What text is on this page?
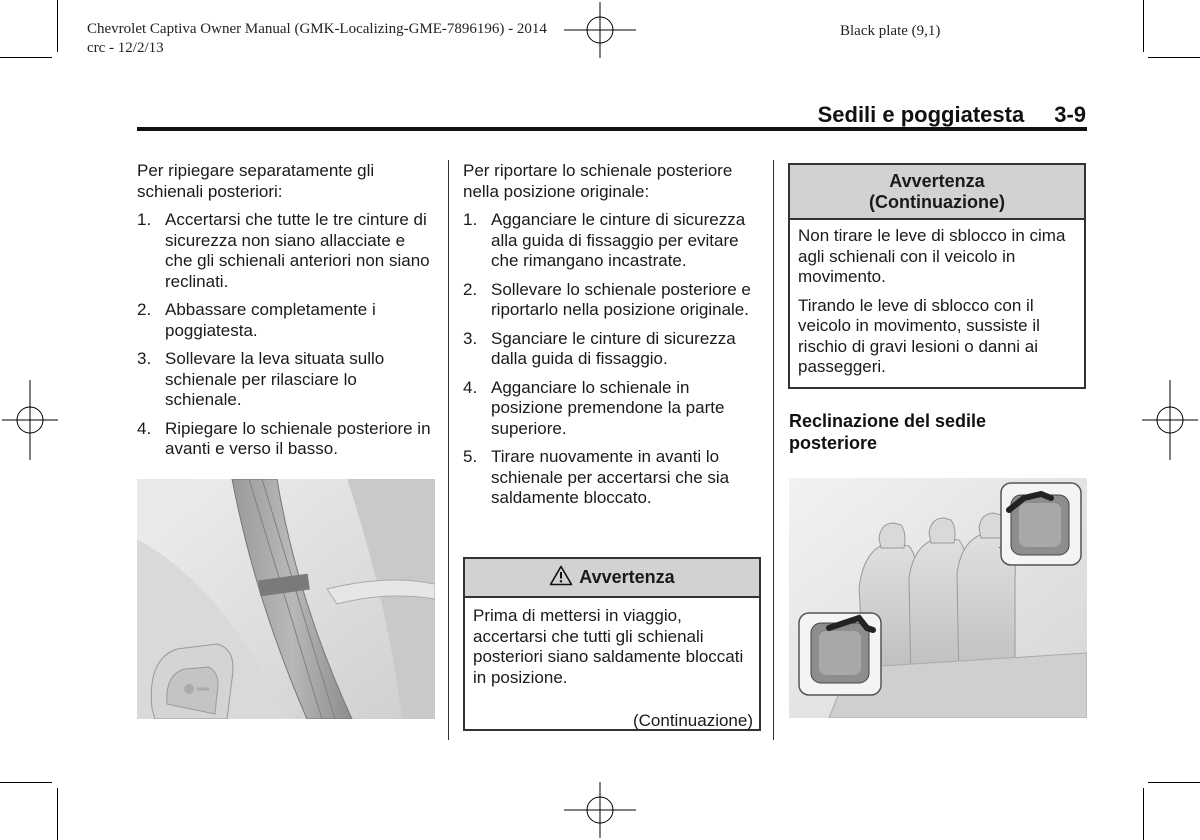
Chevrolet Captiva Owner Manual (GMK-Localizing-GME-7896196) - 2014
crc - 12/2/13
Black plate (9,1)
Sedili e poggiatesta 3-9

Per ripiegare separatamente gli schienali posteriori:

1. Accertarsi che tutte le tre cinture di sicurezza non siano allacciate e che gli schienali anteriori non siano reclinati.
2. Abbassare completamente i poggiatesta.
3. Sollevare la leva situata sullo schienale per rilasciare lo schienale.
4. Ripiegare lo schienale posteriore in avanti e verso il basso.

Per riportare lo schienale posteriore nella posizione originale:

1. Agganciare le cinture di sicurezza alla guida di fissaggio per evitare che rimangano incastrate.
2. Sollevare lo schienale posteriore e riportarlo nella posizione originale.
3. Sganciare le cinture di sicurezza dalla guida di fissaggio.
4. Agganciare lo schienale in posizione premendone la parte superiore.
5. Tirare nuovamente in avanti lo schienale per accertarsi che sia saldamente bloccato.
Avvertenza

Prima di mettersi in viaggio, accertarsi che tutti gli schienali posteriori siano saldamente bloccati in posizione.

(Continuazione)
Avvertenza
(Continuazione)

Non tirare le leve di sblocco in cima agli schienali con il veicolo in movimento.

Tirando le leve di sblocco con il veicolo in movimento, sussiste il rischio di gravi lesioni o danni ai passeggeri.

Reclinazione del sedile posteriore
